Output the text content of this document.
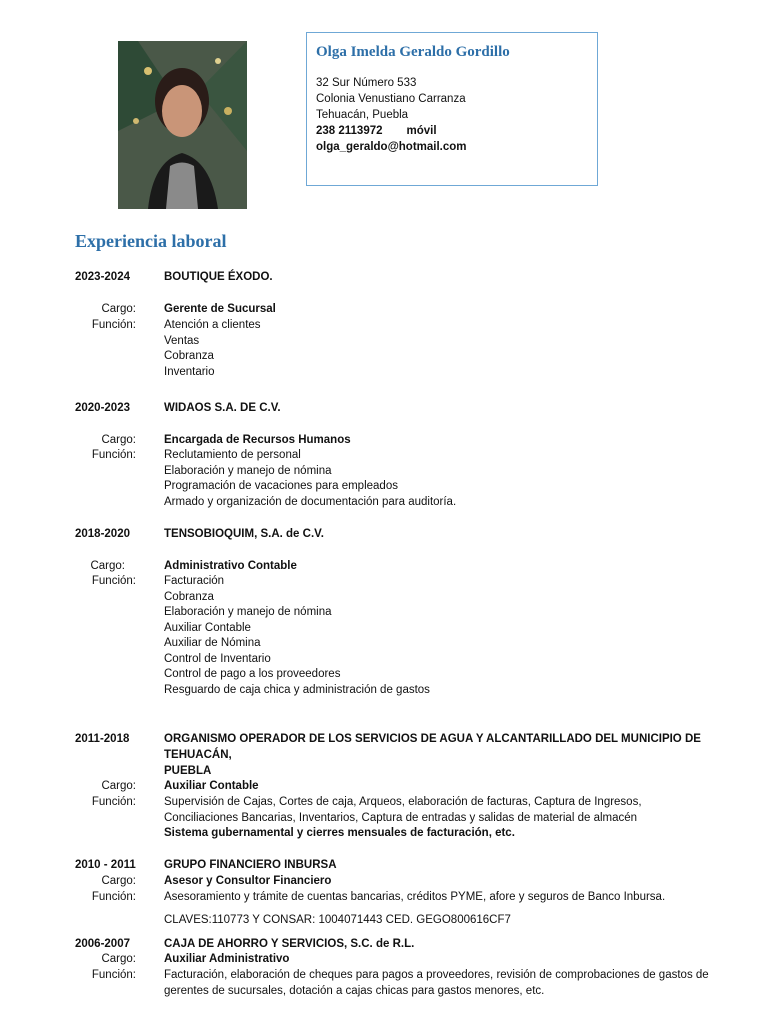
Olga Imelda Geraldo Gordillo
32 Sur Número 533
Colonia Venustiano Carranza
Tehuacán, Puebla
238 2113972 móvil
olga_geraldo@hotmail.com
Experiencia laboral
2023-2024	BOUTIQUE ÉXODO.
Cargo: Gerente de Sucursal
Función: Atención a clientes
Ventas
Cobranza
Inventario
2020-2023	WIDAOS S.A. DE C.V.
Cargo: Encargada de Recursos Humanos
Función: Reclutamiento de personal
Elaboración y manejo de nómina
Programación de vacaciones para empleados
Armado y organización de documentación para auditoría.
2018-2020	TENSOBIOQUIM, S.A. de C.V.
Cargo:	Administrativo Contable
Función: Facturación
Cobranza
Elaboración y manejo de nómina
Auxiliar Contable
Auxiliar de Nómina
Control de Inventario
Control de pago a los proveedores
Resguardo de caja chica y administración de gastos
2011-2018	ORGANISMO OPERADOR DE LOS SERVICIOS DE AGUA Y ALCANTARILLADO DEL MUNICIPIO DE TEHUACÁN,
PUEBLA
Cargo: Auxiliar Contable
Función: Supervisión de Cajas, Cortes de caja, Arqueos, elaboración de facturas, Captura de Ingresos,
Conciliaciones Bancarias, Inventarios, Captura de entradas y salidas de material de almacén
Sistema gubernamental y cierres mensuales de facturación, etc.
2010 - 2011	GRUPO FINANCIERO INBURSA
Cargo: Asesor y Consultor Financiero
Función: Asesoramiento y trámite de cuentas bancarias, créditos PYME, afore y seguros de Banco Inbursa.
CLAVES:110773 Y CONSAR: 1004071443 CED. GEGO800616CF7
2006-2007	CAJA DE AHORRO Y SERVICIOS, S.C. de R.L.
Cargo: Auxiliar Administrativo
Función: Facturación, elaboración de cheques para pagos a proveedores, revisión de comprobaciones de gastos de
gerentes de sucursales, dotación a cajas chicas para gastos menores, etc.
